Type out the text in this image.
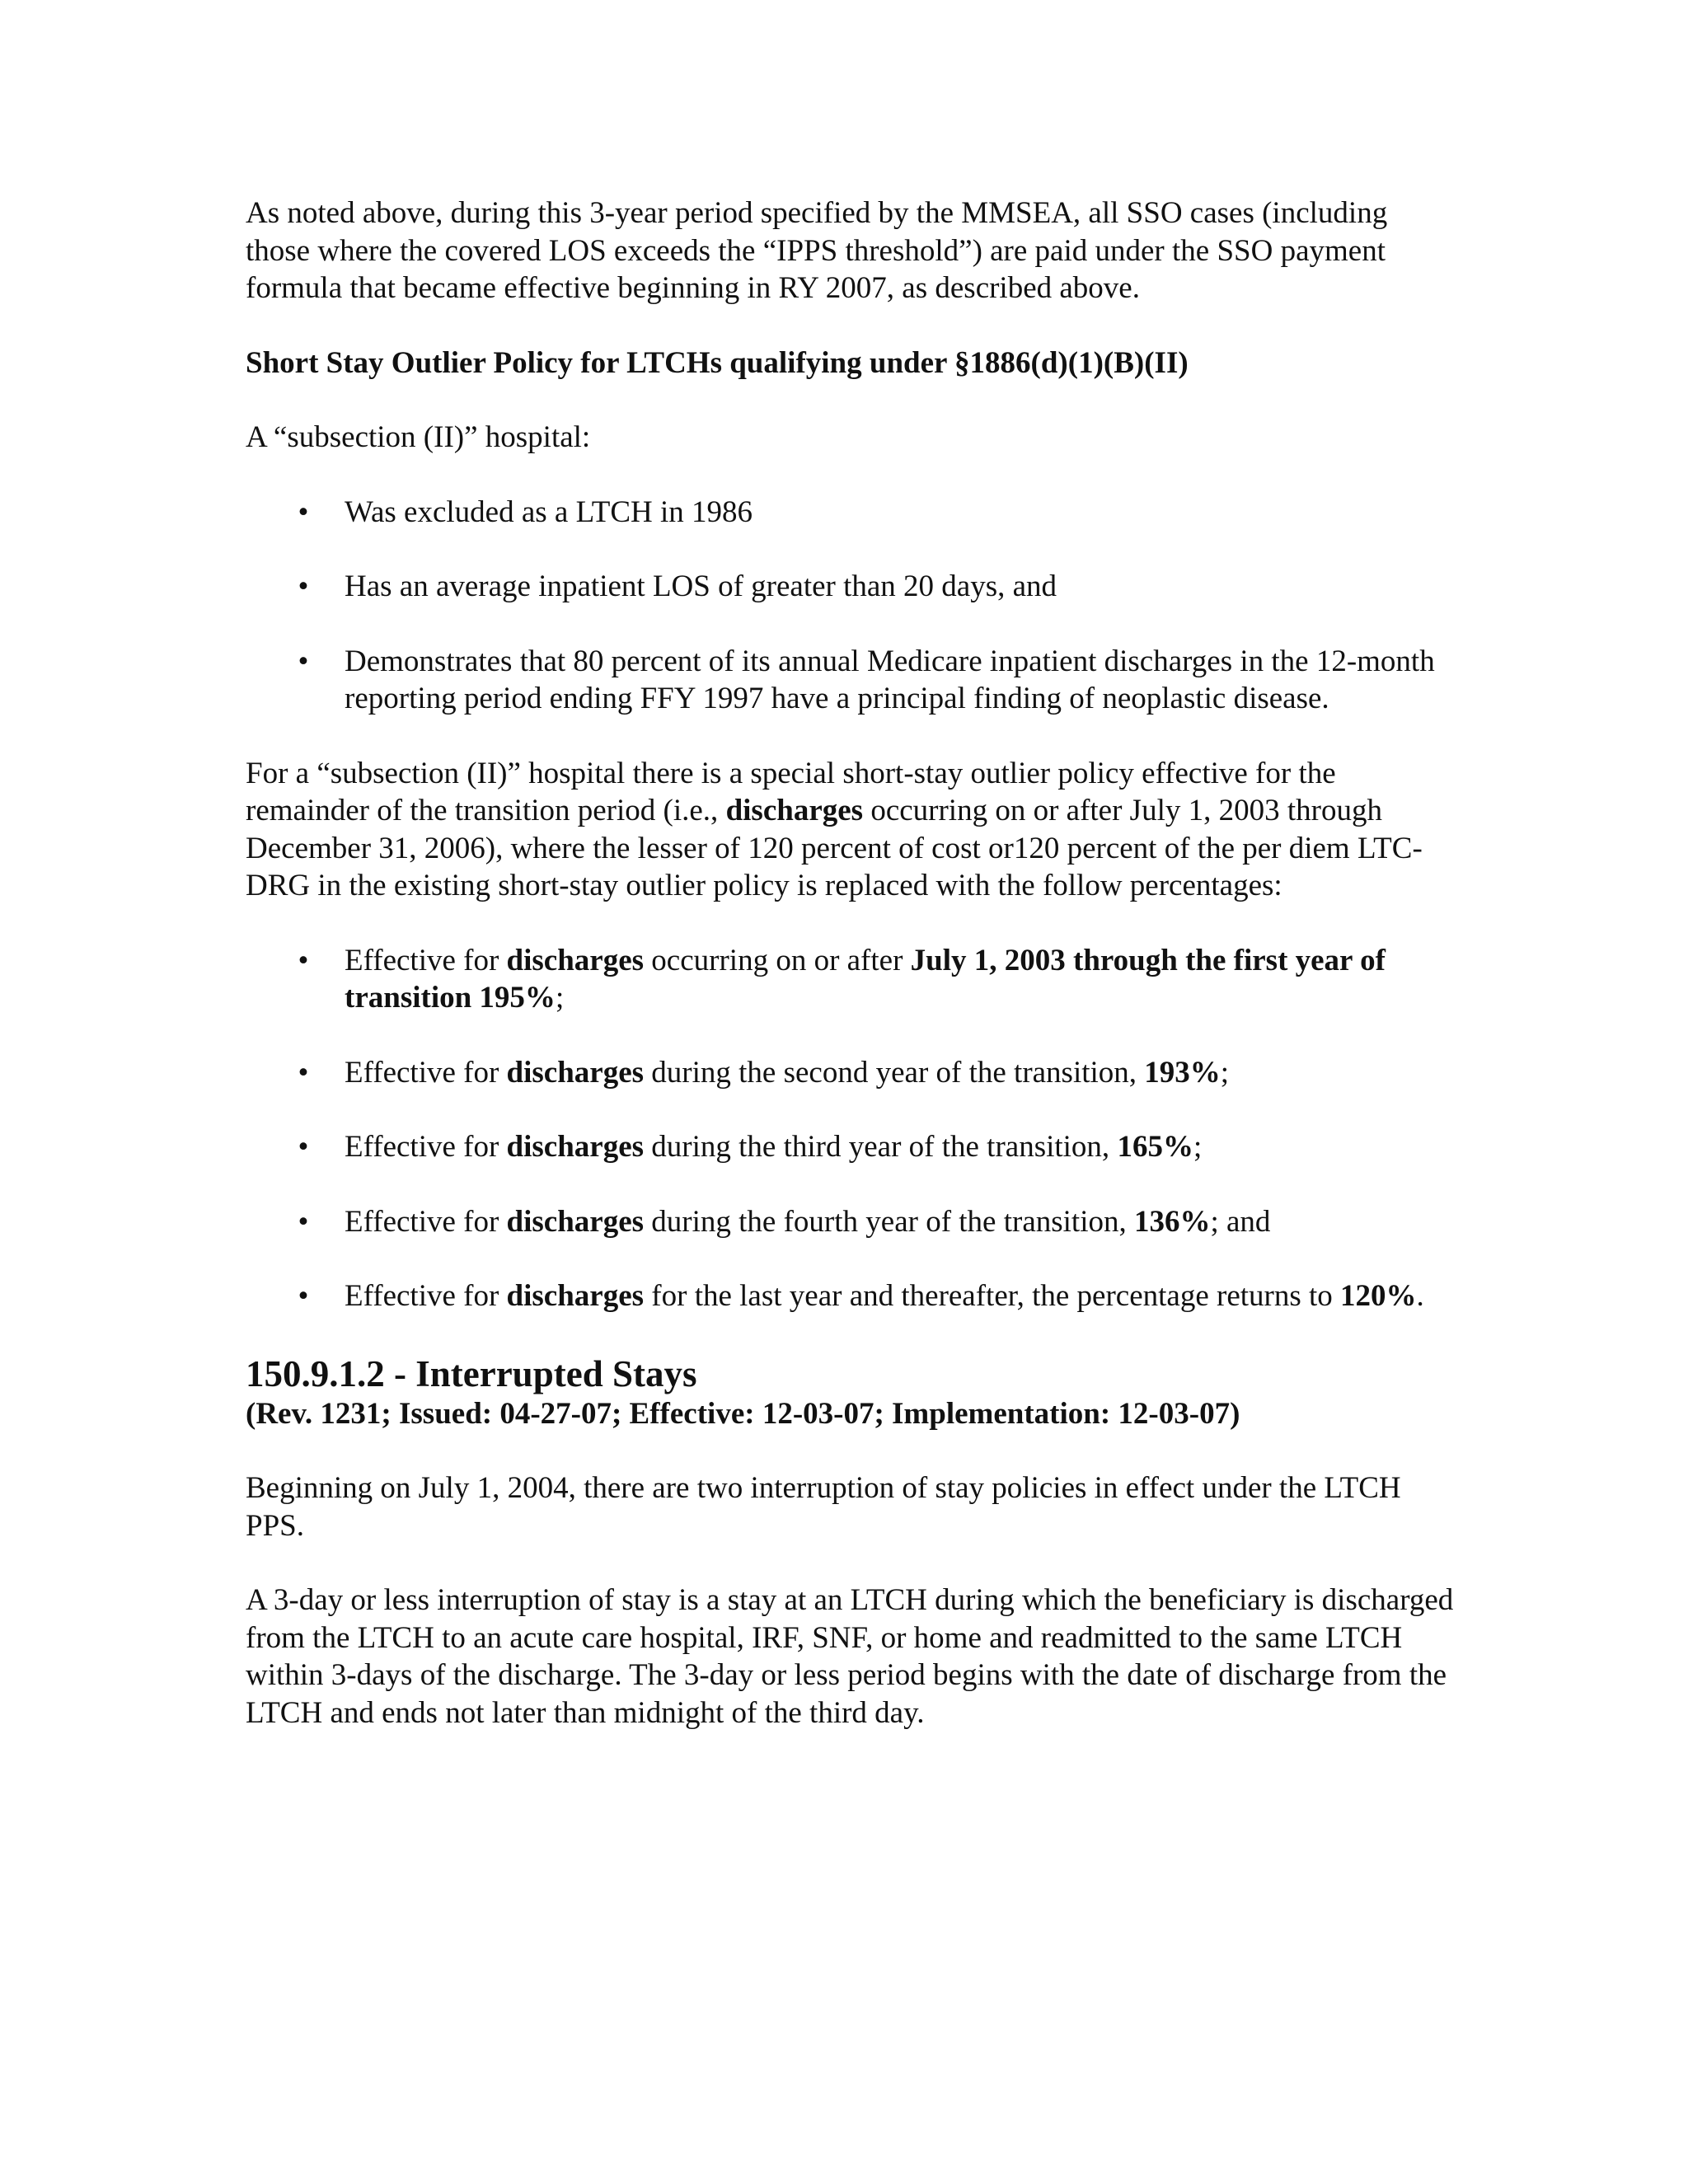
As noted above, during this 3-year period specified by the MMSEA, all SSO cases (including those where the covered LOS exceeds the “IPPS threshold”) are paid under the SSO payment formula that became effective beginning in RY 2007, as described above.

Short Stay Outlier Policy for LTCHs qualifying under §1886(d)(1)(B)(II)

A “subsection (II)” hospital:

• Was excluded as a LTCH in 1986
• Has an average inpatient LOS of greater than 20 days, and
• Demonstrates that 80 percent of its annual Medicare inpatient discharges in the 12-month reporting period ending FFY 1997 have a principal finding of neoplastic disease.

For a “subsection (II)” hospital there is a special short-stay outlier policy effective for the remainder of the transition period (i.e., discharges occurring on or after July 1, 2003 through December 31, 2006), where the lesser of 120 percent of cost or120 percent of the per diem LTC-DRG in the existing short-stay outlier policy is replaced with the follow percentages:

• Effective for discharges occurring on or after July 1, 2003 through the first year of transition 195%;
• Effective for discharges during the second year of the transition, 193%;
• Effective for discharges during the third year of the transition, 165%;
• Effective for discharges during the fourth year of the transition, 136%; and
• Effective for discharges for the last year and thereafter, the percentage returns to 120%.

150.9.1.2 - Interrupted Stays

(Rev. 1231; Issued: 04-27-07; Effective: 12-03-07; Implementation: 12-03-07)

Beginning on July 1, 2004, there are two interruption of stay policies in effect under the LTCH PPS.

A 3-day or less interruption of stay is a stay at an LTCH during which the beneficiary is discharged from the LTCH to an acute care hospital, IRF, SNF, or home and readmitted to the same LTCH within 3-days of the discharge. The 3-day or less period begins with the date of discharge from the LTCH and ends not later than midnight of the third day.
